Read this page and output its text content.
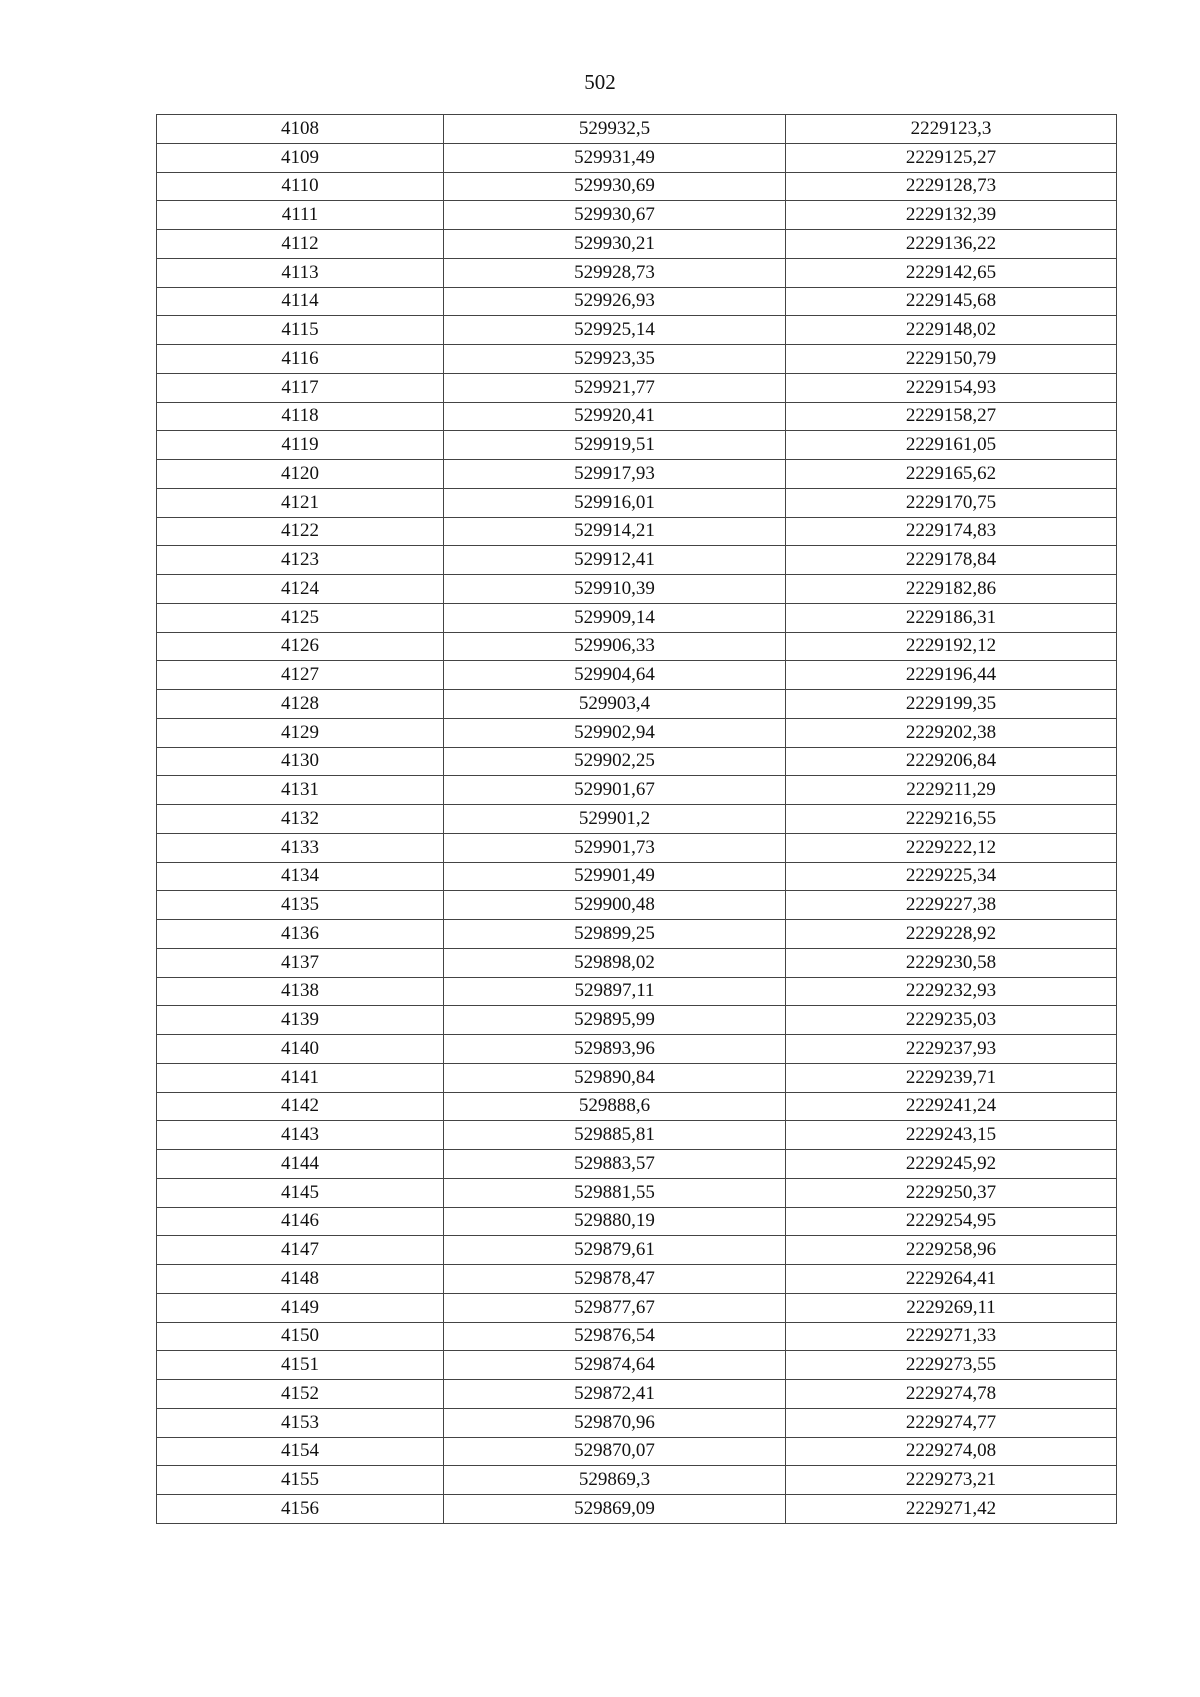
502
4108	529932,5	2229123,3
4109	529931,49	2229125,27
4110	529930,69	2229128,73
4111	529930,67	2229132,39
4112	529930,21	2229136,22
4113	529928,73	2229142,65
4114	529926,93	2229145,68
4115	529925,14	2229148,02
4116	529923,35	2229150,79
4117	529921,77	2229154,93
4118	529920,41	2229158,27
4119	529919,51	2229161,05
4120	529917,93	2229165,62
4121	529916,01	2229170,75
4122	529914,21	2229174,83
4123	529912,41	2229178,84
4124	529910,39	2229182,86
4125	529909,14	2229186,31
4126	529906,33	2229192,12
4127	529904,64	2229196,44
4128	529903,4	2229199,35
4129	529902,94	2229202,38
4130	529902,25	2229206,84
4131	529901,67	2229211,29
4132	529901,2	2229216,55
4133	529901,73	2229222,12
4134	529901,49	2229225,34
4135	529900,48	2229227,38
4136	529899,25	2229228,92
4137	529898,02	2229230,58
4138	529897,11	2229232,93
4139	529895,99	2229235,03
4140	529893,96	2229237,93
4141	529890,84	2229239,71
4142	529888,6	2229241,24
4143	529885,81	2229243,15
4144	529883,57	2229245,92
4145	529881,55	2229250,37
4146	529880,19	2229254,95
4147	529879,61	2229258,96
4148	529878,47	2229264,41
4149	529877,67	2229269,11
4150	529876,54	2229271,33
4151	529874,64	2229273,55
4152	529872,41	2229274,78
4153	529870,96	2229274,77
4154	529870,07	2229274,08
4155	529869,3	2229273,21
4156	529869,09	2229271,42
